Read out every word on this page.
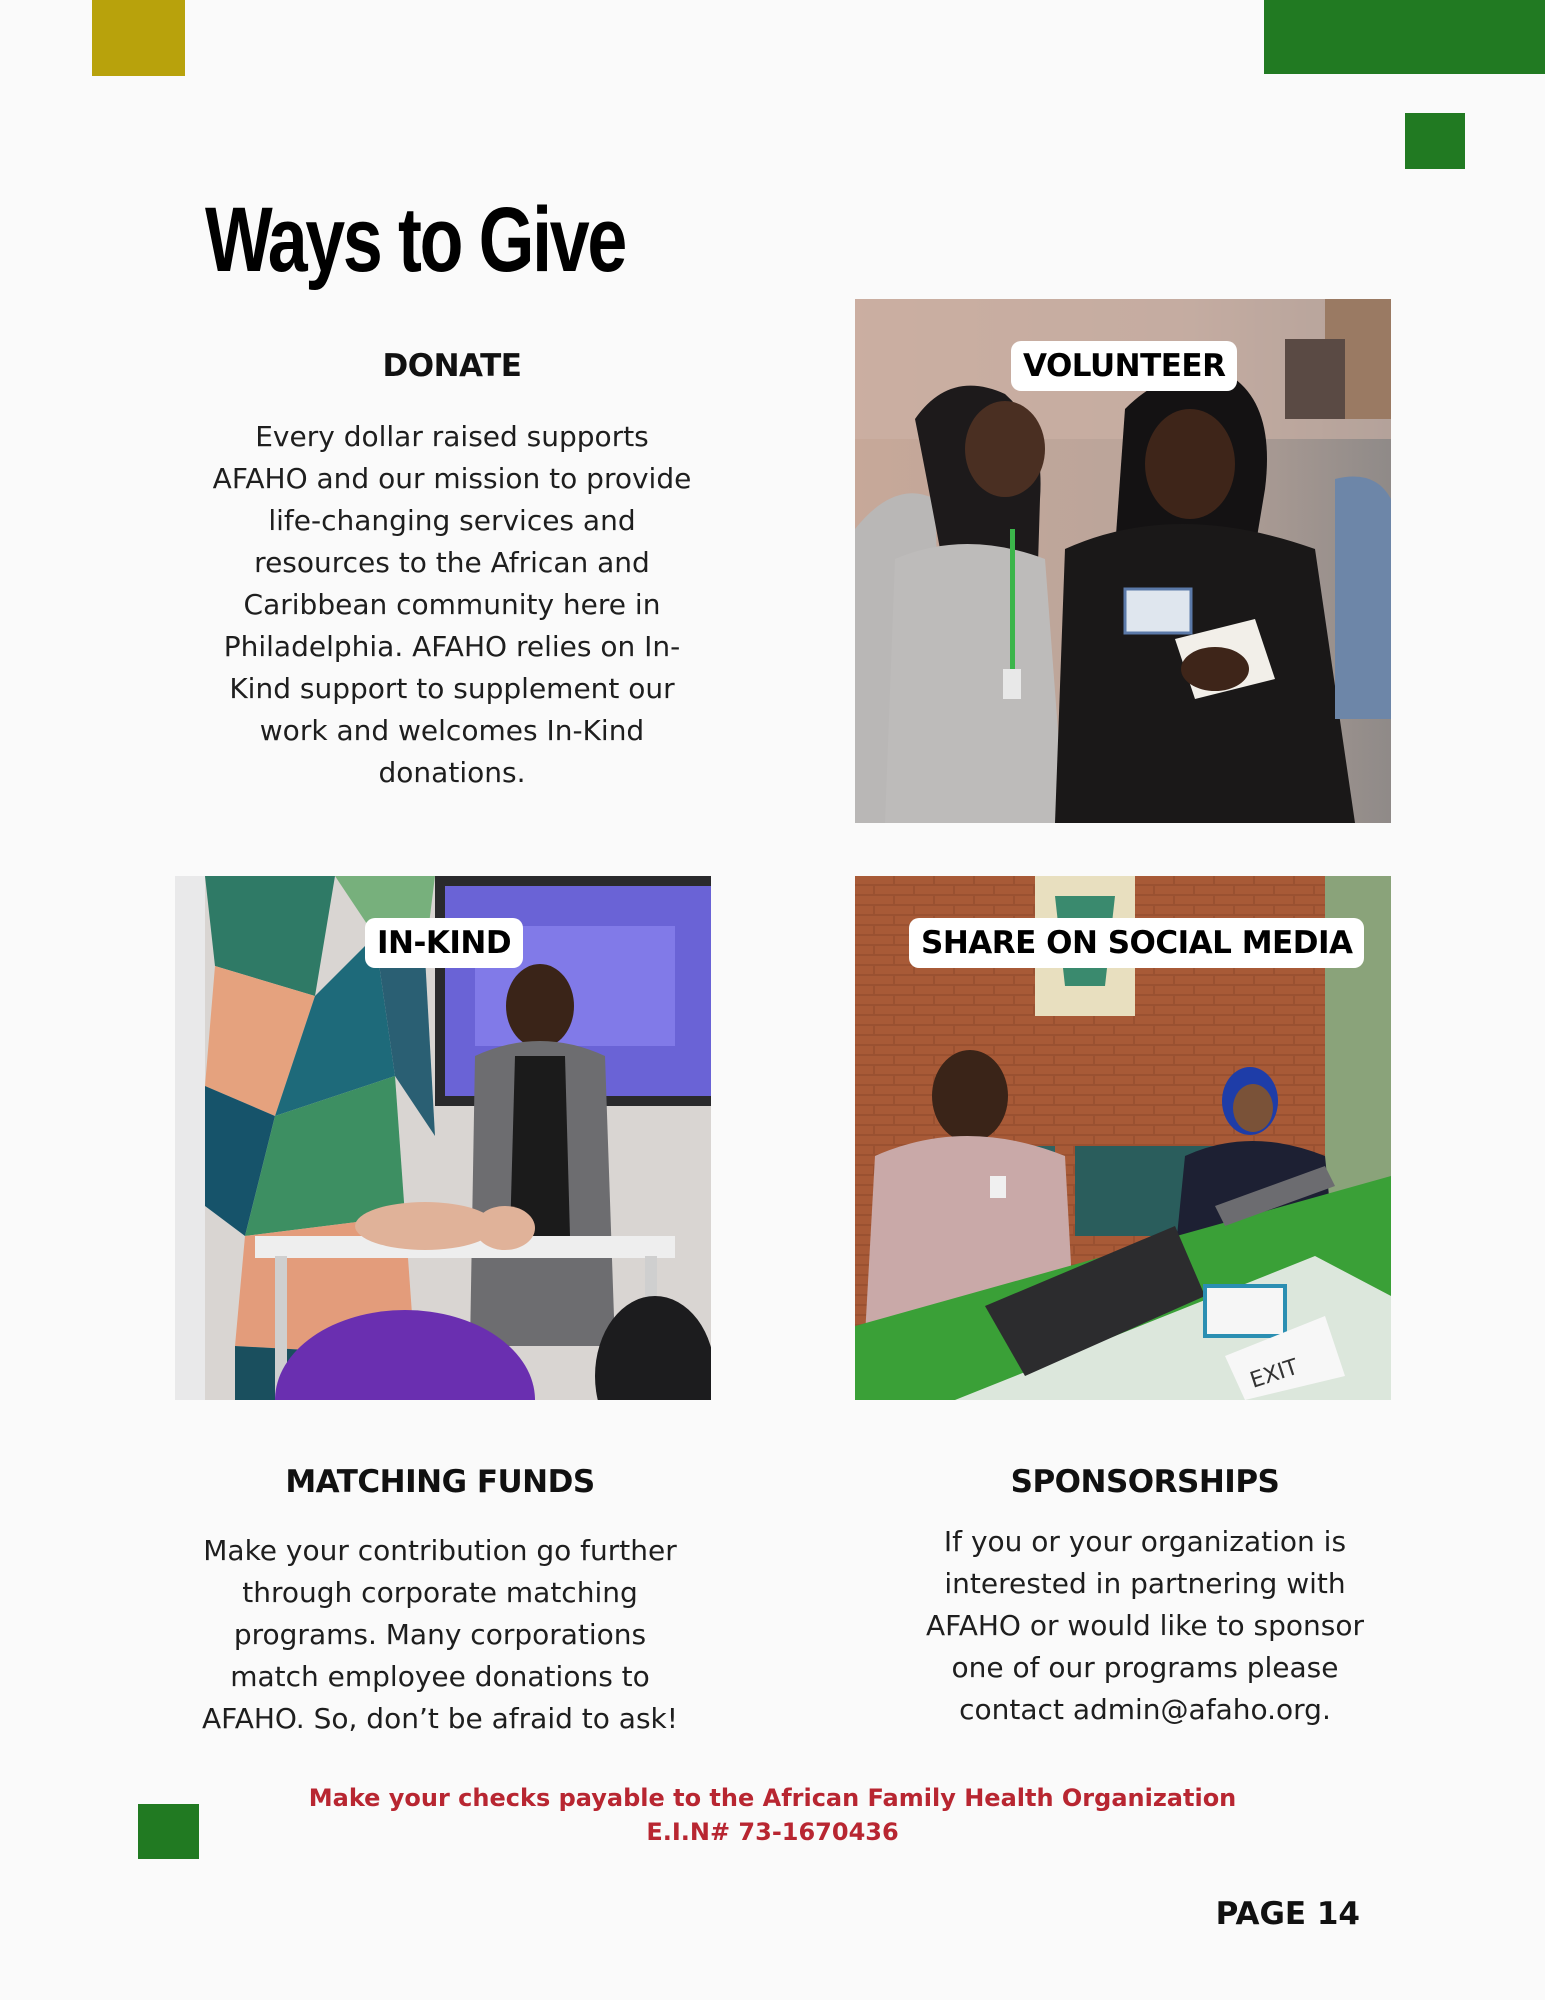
Ways to Give
DONATE
Every dollar raised supports
AFAHO and our mission to provide
life-changing services and
resources to the African and
Caribbean community here in
Philadelphia. AFAHO relies on In-
Kind support to supplement our
work and welcomes In-Kind
donations.
VOLUNTEER
IN-KIND
EXIT
SHARE ON SOCIAL MEDIA
MATCHING FUNDS
Make your contribution go further
through corporate matching
programs. Many corporations
match employee donations to
AFAHO. So, don’t be afraid to ask!
SPONSORSHIPS
If you or your organization is
interested in partnering with
AFAHO or would like to sponsor
one of our programs please
contact admin@afaho.org.

Make your checks payable to the African Family Health Organization

E.I.N# 73-1670436

PAGE 14
